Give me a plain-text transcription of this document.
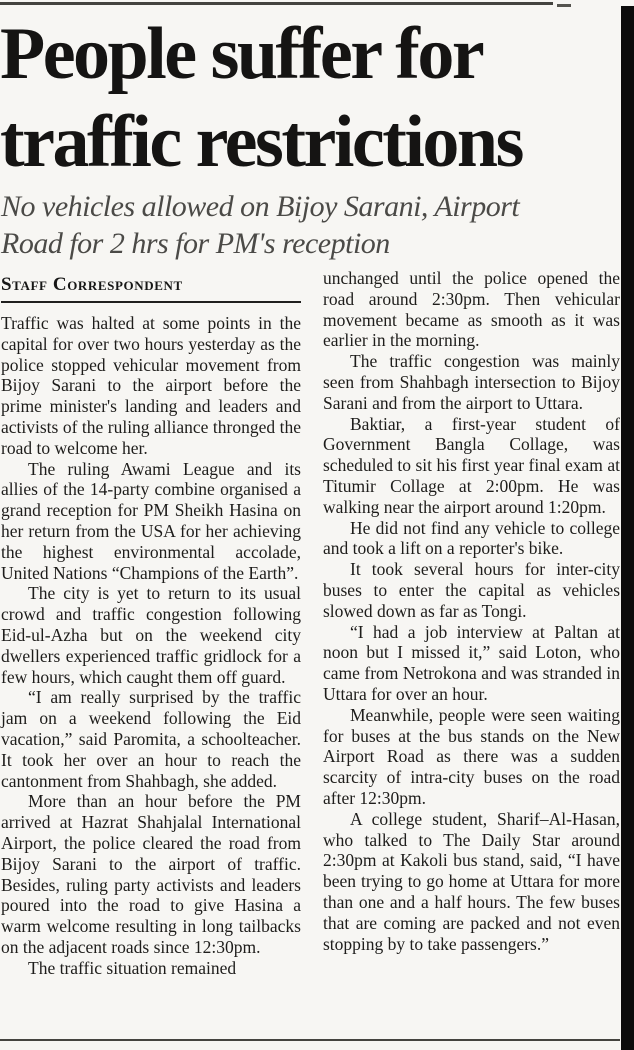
People suffer for
traffic restrictions
No vehicles allowed on Bijoy Sarani, Airport
Road for 2 hrs for PM's reception
Staff Correspondent

Traffic was halted at some points in the capital for over two hours yesterday as the police stopped vehicular movement from Bijoy Sarani to the airport before the prime minister's landing and leaders and activists of the ruling alliance thronged the road to welcome her.

The ruling Awami League and its allies of the 14-party combine organised a grand reception for PM Sheikh Hasina on her return from the USA for her achieving the highest environmental accolade, United Nations “Champions of the Earth”.

The city is yet to return to its usual crowd and traffic congestion following Eid-ul-Azha but on the weekend city dwellers experienced traffic gridlock for a few hours, which caught them off guard.

“I am really surprised by the traffic jam on a weekend following the Eid vacation,” said Paromita, a schoolteacher. It took her over an hour to reach the cantonment from Shahbagh, she added.

More than an hour before the PM arrived at Hazrat Shahjalal International Airport, the police cleared the road from Bijoy Sarani to the airport of traffic. Besides, ruling party activists and leaders poured into the road to give Hasina a warm welcome resulting in long tailbacks on the adjacent roads since 12:30pm.

The traffic situation remained

unchanged until the police opened the road around 2:30pm. Then vehicular movement became as smooth as it was earlier in the morning.

The traffic congestion was mainly seen from Shahbagh intersection to Bijoy Sarani and from the airport to Uttara.

Baktiar, a first-year student of Government Bangla Collage, was scheduled to sit his first year final exam at Titumir Collage at 2:00pm. He was walking near the airport around 1:20pm.

He did not find any vehicle to college and took a lift on a reporter's bike.

It took several hours for inter-city buses to enter the capital as vehicles slowed down as far as Tongi.

“I had a job interview at Paltan at noon but I missed it,” said Loton, who came from Netrokona and was stranded in Uttara for over an hour.

Meanwhile, people were seen waiting for buses at the bus stands on the New Airport Road as there was a sudden scarcity of intra-city buses on the road after 12:30pm.

A college student, Sharif–Al-Hasan, who talked to The Daily Star around 2:30pm at Kakoli bus stand, said, “I have been trying to go home at Uttara for more than one and a half hours. The few buses that are coming are packed and not even stopping by to take passengers.”
